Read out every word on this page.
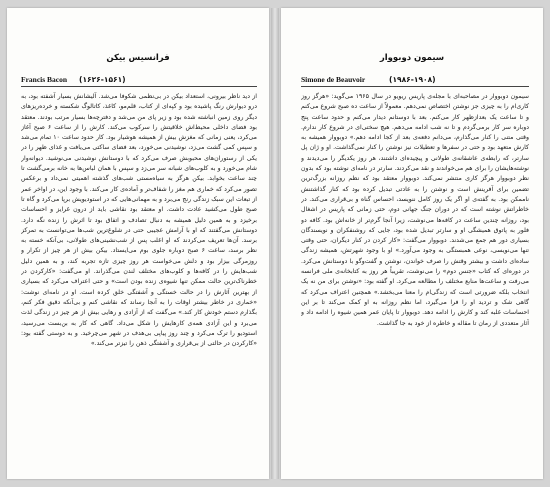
فرانسیس بیکن
Francis Bacon (۱۶۲۶-۱۵۶۱)

از دید ناظر بیرونی، استعداد بیکن در بی‌نظمی شکوفا می‌شد. آلیشانش بسیار آشفته بود، به درو دیوارش رنگ پاشیده بود و کپه‌ای از کتاب، قلم‌مو، کاغذ، کاتالوگ شکسته و خرده‌ریزهای دیگر روی زمین انباشته شده بود و زیر پای من می‌شد و دفترچه‌ها بسیار مرتب بودند. معتقد بود فضای داخلی محیط‌اش خلاقیتش را سرکوب می‌کند. کارش را از ساعت ۶ صبح آغاز می‌کرد، یعنی زمانی که مغزش بیش از همیشه هوشیار بود. کار حدود ساعت ۱۰ تمام می‌شد و سپس کمی گشت می‌زد، نوشیدنی می‌خورد، بعد فضای ساکتی می‌یافت و غذای ظهر را در یکی از رستوران‌های محبوبش صرف می‌کرد که با دوستانش نوشیدنی می‌نوشید. دیوانه‌وار شام می‌خورد و به کلوب‌های شبانه سر می‌زد و سپس با همان لباس‌ها به خانه برمی‌گشت تا چند ساعت بخوابد. بیکن هرگز به سیاه‌مستی شب‌های گذشته اهمیتی نمی‌داد و برعکس تصور می‌کرد که خماری هم مغز را شفاف‌تر و آماده‌ی کار می‌کند. با وجود این، در اواخر عمر از تبعات این سبک زندگی رنج می‌برد و به مهمانی‌هایی که در استودیویش برپا می‌کرد و گاه تا صبح طول می‌کشید عادت داشت. او معتقد بود نقاشی باید از درون غرایز و احساسات برخیزد و به همین دلیل همیشه به دنبال تصادف و اتفاق بود تا اثرش را زنده نگه دارد. دوستانش می‌گفتند که او با آرامش عجیبی حتی در شلوغ‌ترین شب‌ها می‌توانست به تمرکز برسد. آن‌ها تعریف می‌کردند که او اغلب پس از شب‌نشینی‌های طولانی، بی‌آنکه خسته به نظر برسد، ساعت ۶ صبح دوباره جلوی بوم می‌ایستاد. بیکن بیش از هر چیز از تکرار و روزمرگی بیزار بود و دلش می‌خواست هر روز چیزی تازه تجربه کند، و به همین دلیل شب‌هایش را در کافه‌ها و کلوب‌های مختلف لندن می‌گذراند. او می‌گفت: «کارکردن در خطرناک‌ترین حالت ممکن تنها شیوه‌ی زنده بودن است» و حتی اعتراف می‌کرد که بسیاری از بهترین آثارش را در حالت خستگی و آشفتگی خلق کرده است. او در نامه‌ای نوشت: «خماری در خاطر بیشتر اوقات را به آنجا رساند که نقاشی کنم و بی‌آنکه دقیق فکر کنم، بگذارم دستم خودش کار کند.» می‌گفت که از آزادی و رهایی بیش از هر چیز در زندگی لذت می‌برد و این آزادی همه‌ی کارهایش را شکل می‌داد. گاهی که کار به بن‌بست می‌رسید، استودیو را ترک می‌کرد و چند روز پیاپی بی‌هدف در شهر می‌چرخید. و به دوستی گفته بود: «کارکردن در حالتی از بی‌قراری و آشفتگی ذهن را تیزتر می‌کند.»

سیمون دوبووار
Simone de Beauvoir	(۱۹۸۶-۱۹۰۸)

سیمون دوبووار در مصاحبه‌ای با مجله‌ی پاریس ریویو در سال ۱۹۶۵ می‌گوید: «هرگز روز کاری‌ام را به چیزی جز نوشتن اختصاص نمی‌دهم. معمولاً از ساعت ده صبح شروع می‌کنم و تا ساعت یک بعدازظهر کار می‌کنم. بعد با دوستانم دیدار می‌کنم و حدود ساعت پنج دوباره سر کار برمی‌گردم و تا نه شب ادامه می‌دهم. هیچ سختی‌ای در شروع کار ندارم. وقتی متنی را کنار می‌گذارم، می‌دانم دفعه‌ی بعد از کجا ادامه دهم.» دوبووار همیشه به کارش متعهد بود و حتی در سفرها و تعطیلات نیز نوشتن را کنار نمی‌گذاشت. او و ژان پل سارتر، که رابطه‌ی عاشقانه‌ی طولانی و پیچیده‌ای داشتند، هر روز یکدیگر را می‌دیدند و نوشته‌هایشان را برای هم می‌خواندند و نقد می‌کردند. سارتر در نامه‌ای نوشته بود که بدون نظر دوبووار هرگز کاری منتشر نمی‌کند. دوبووار معتقد بود که نظم روزانه بزرگ‌ترین تضمین برای آفرینش است و نوشتن را به عادتی تبدیل کرده بود که کنار گذاشتنش ناممکن بود. به گفته‌ی او اگر یک روز کامل ننویسد، احساس گناه و بی‌قراری می‌کند. در خاطراتش نوشته است که در دوران جنگ جهانی دوم، حتی زمانی که پاریس در اشغال بود، روزانه چندین ساعت در کافه‌ها می‌نوشت، زیرا آنجا گرم‌تر از خانه‌اش بود. کافه دو فلور به پاتوق همیشگی او و سارتر تبدیل شده بود، جایی که روشنفکران و نویسندگان بسیاری دور هم جمع می‌شدند. دوبووار می‌گفت: «کار کردن در کنار دیگران، حتی وقتی تنها می‌نویسی، نوعی همبستگی به وجود می‌آورد.» او با وجود شهرتش، همیشه زندگی ساده‌ای داشت و بیشتر وقتش را صرف خواندن، نوشتن و گفت‌وگو با دوستانش می‌کرد. در دوره‌ای که کتاب «جنس دوم» را می‌نوشت، تقریباً هر روز به کتابخانه‌ی ملی فرانسه می‌رفت و ساعت‌ها منابع مختلف را مطالعه می‌کرد. او گفته بود: «نوشتن برای من نه یک انتخاب بلکه ضرورتی است که زندگی‌ام را معنا می‌بخشد.» همچنین اعتراف می‌کرد که گاهی شک و تردید او را فرا می‌گیرد، اما نظم روزانه به او کمک می‌کند تا بر این احساسات غلبه کند و کارش را ادامه دهد. دوبووار تا پایان عمر همین شیوه را ادامه داد و آثار متعددی از رمان تا مقاله و خاطره از خود به جا گذاشت.
